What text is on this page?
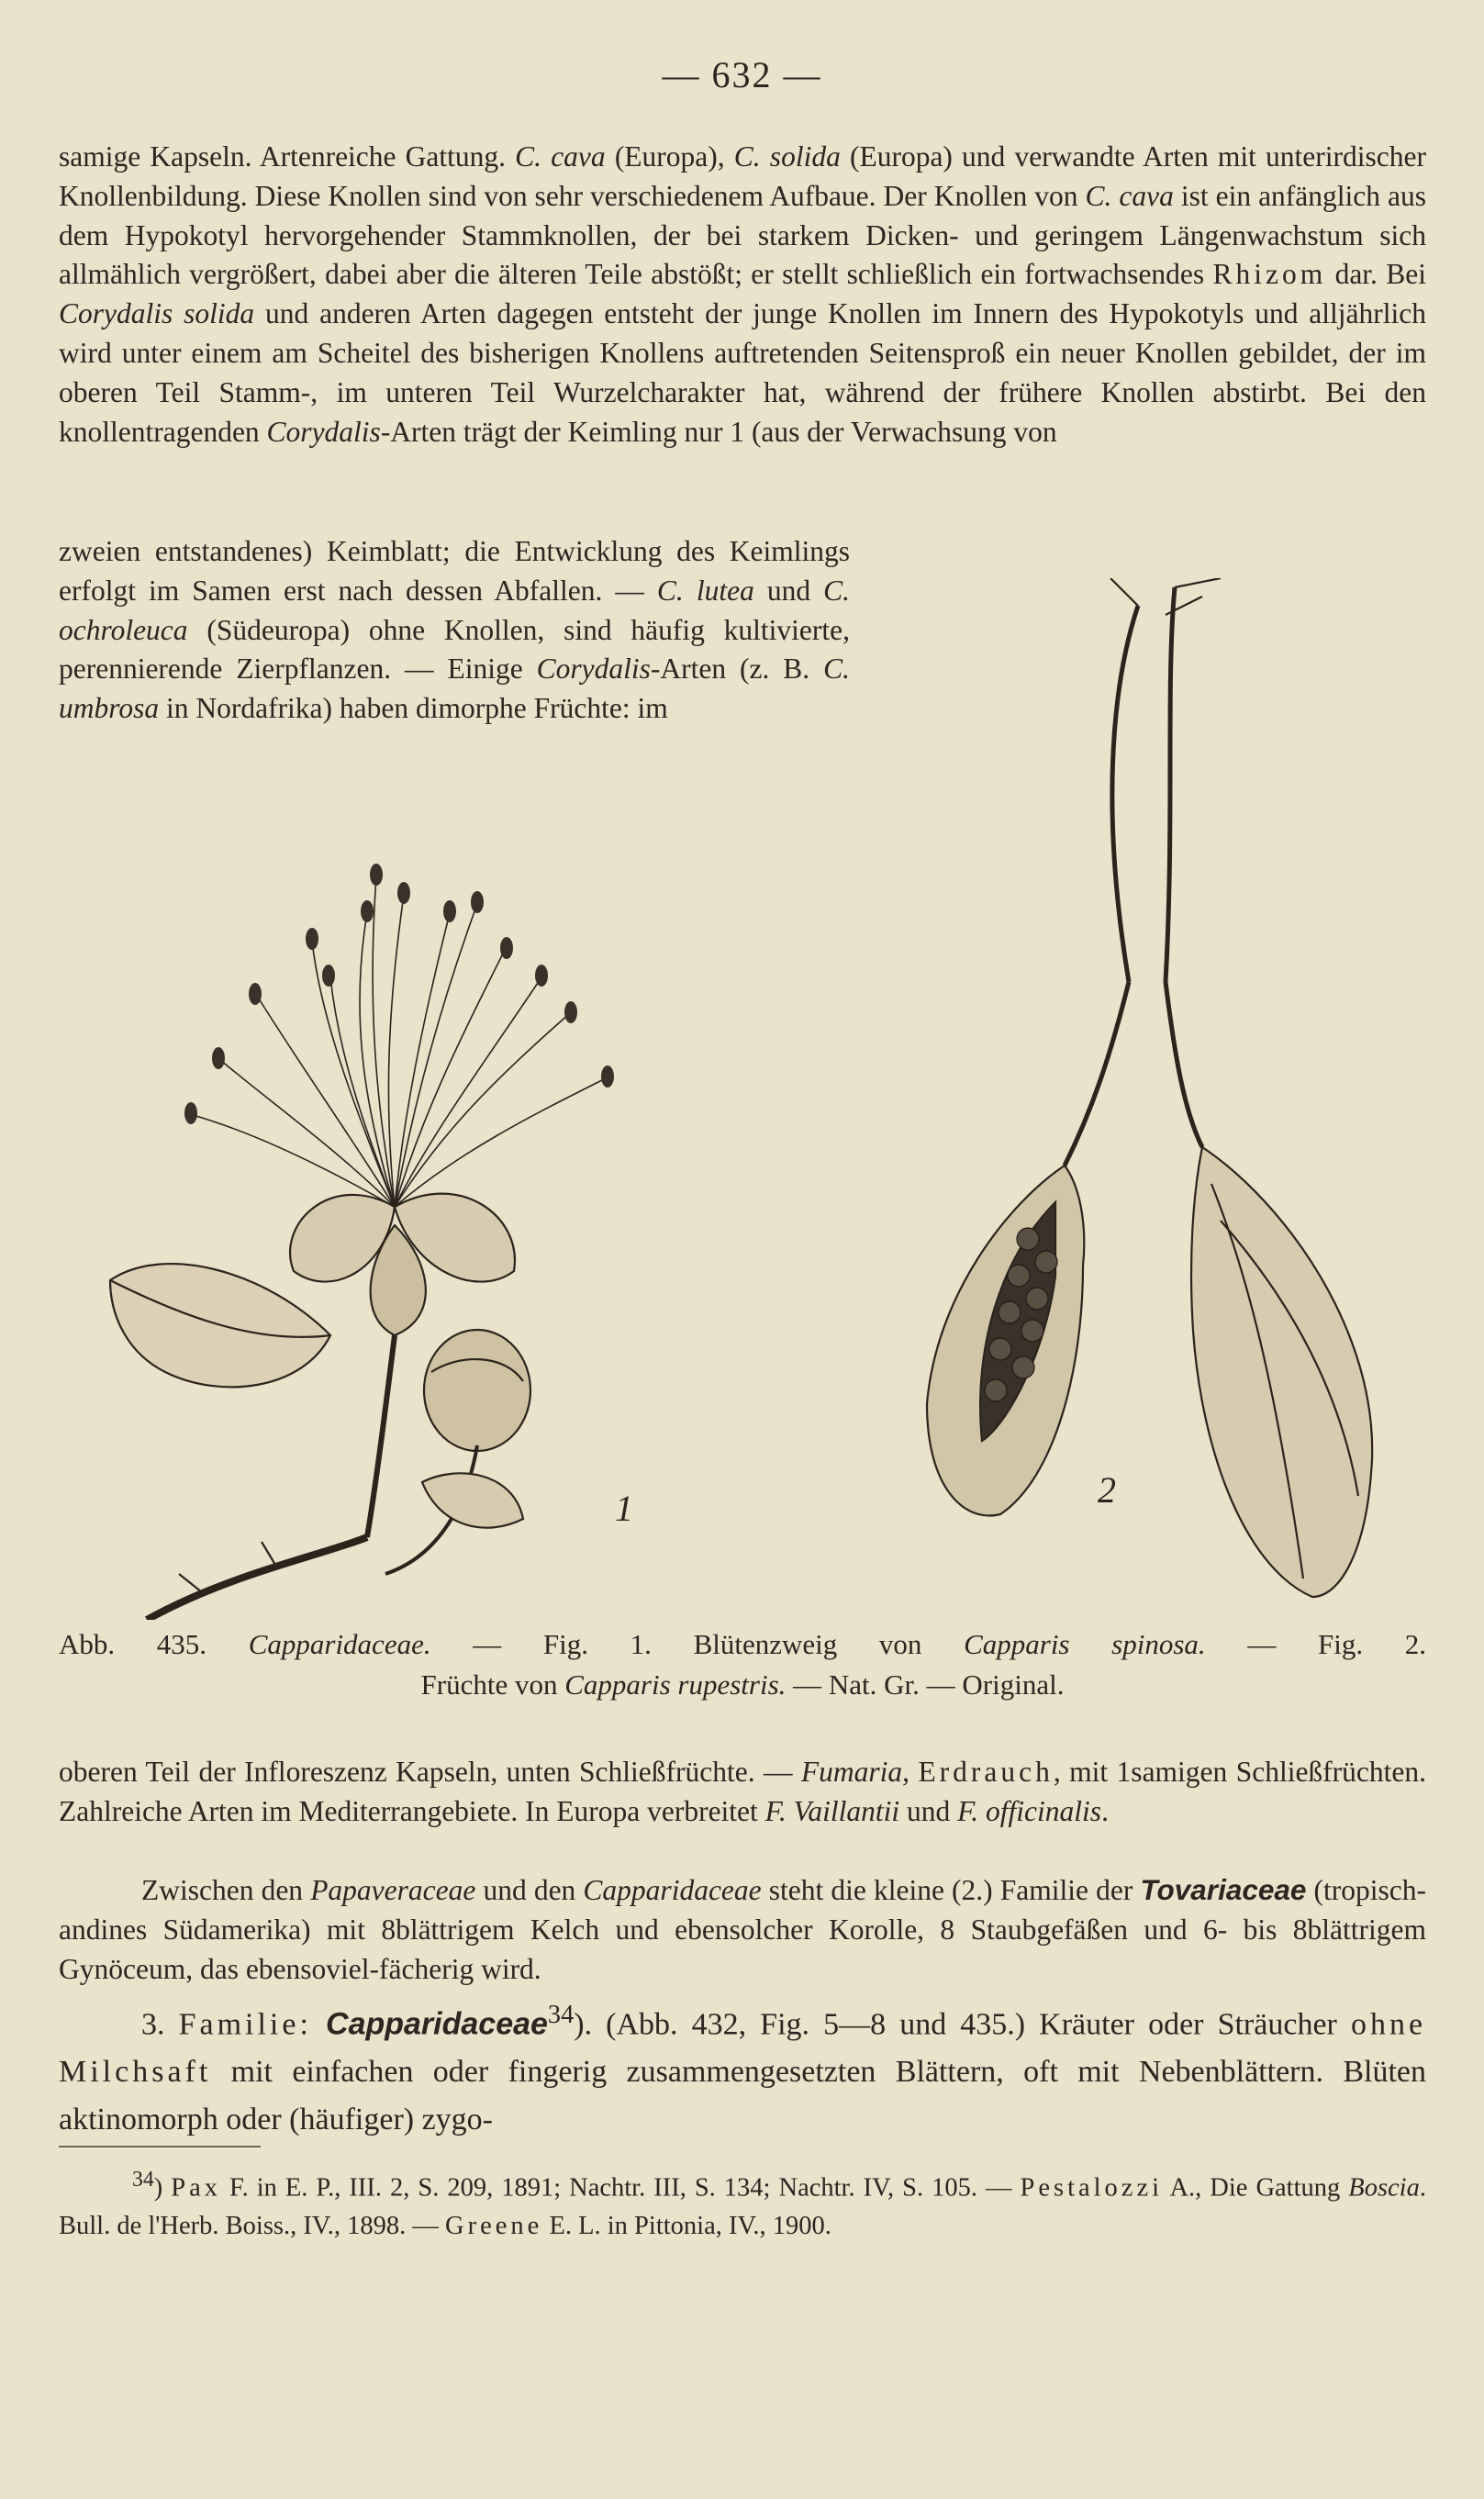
— 632 —

samige Kapseln. Artenreiche Gattung. C. cava (Europa), C. solida (Europa) und verwandte Arten mit unterirdischer Knollenbildung. Diese Knollen sind von sehr verschiedenem Aufbaue. Der Knollen von C. cava ist ein anfänglich aus dem Hypokotyl hervorgehender Stammknollen, der bei starkem Dicken- und geringem Längenwachstum sich allmählich vergrößert, dabei aber die älteren Teile abstößt; er stellt schließlich ein fortwachsendes Rhizom dar. Bei Corydalis solida und anderen Arten dagegen entsteht der junge Knollen im Innern des Hypokotyls und alljährlich wird unter einem am Scheitel des bisherigen Knollens auftretenden Seitensproß ein neuer Knollen gebildet, der im oberen Teil Stamm-, im unteren Teil Wurzelcharakter hat, während der frühere Knollen abstirbt. Bei den knollentragenden Corydalis-Arten trägt der Keimling nur 1 (aus der Verwachsung von

zweien entstandenes) Keimblatt; die Entwicklung des Keimlings erfolgt im Samen erst nach dessen Abfallen. — C. lutea und C. ochroleuca (Südeuropa) ohne Knollen, sind häufig kultivierte, perennierende Zierpflanzen. — Einige Corydalis-Arten (z. B. C. umbrosa in Nordafrika) haben dimorphe Früchte: im

1	2
Abb. 435. Capparidaceae. — Fig. 1. Blütenzweig von Capparis spinosa. — Fig. 2.
Früchte von Capparis rupestris. — Nat. Gr. — Original.

oberen Teil der Infloreszenz Kapseln, unten Schließfrüchte. — Fumaria, Erdrauch, mit 1samigen Schließfrüchten. Zahlreiche Arten im Mediterrangebiete. In Europa verbreitet F. Vaillantii und F. officinalis.

Zwischen den Papaveraceae und den Capparidaceae steht die kleine (2.) Familie der Tovariaceae (tropisch-andines Südamerika) mit 8blättrigem Kelch und ebensolcher Korolle, 8 Staubgefäßen und 6- bis 8blättrigem Gynöceum, das ebensoviel-fächerig wird.

3. Familie: Capparidaceae$^{34}$). (Abb. 432, Fig. 5—8 und 435.) Kräuter oder Sträucher ohne Milchsaft mit einfachen oder fingerig zusammengesetzten Blättern, oft mit Nebenblättern. Blüten aktinomorph oder (häufiger) zygo-

$^{34}$) Pax F. in E. P., III. 2, S. 209, 1891; Nachtr. III, S. 134; Nachtr. IV, S. 105. — Pestalozzi A., Die Gattung Boscia. Bull. de l'Herb. Boiss., IV., 1898. — Greene E. L. in Pittonia, IV., 1900.
